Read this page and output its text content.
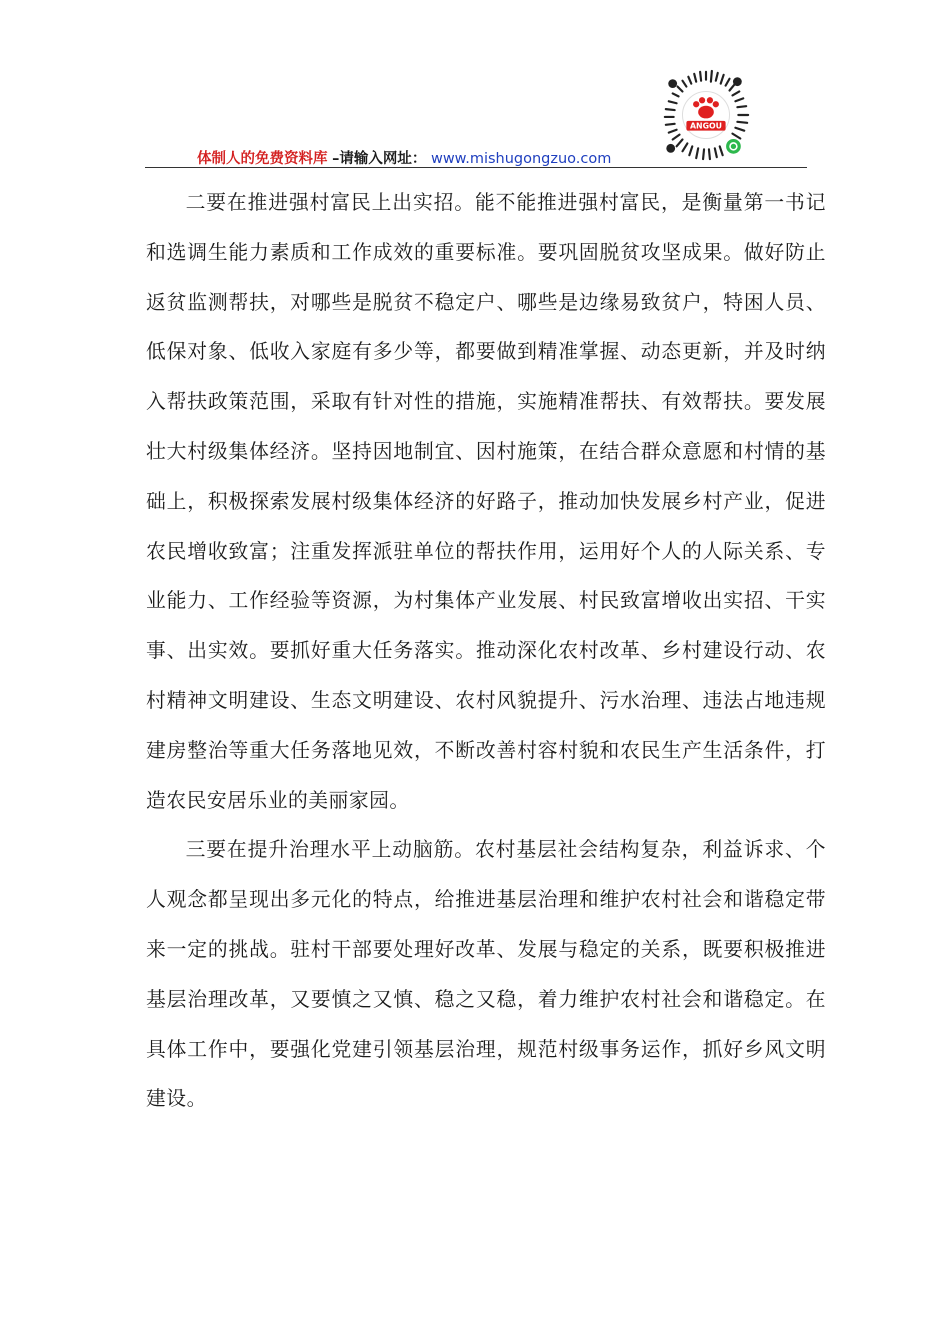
ANGOU
体制人的免费资料库 –请输入网址： www.mishugongzuo.com

二要在推进强村富民上出实招。能不能推进强村富民，是衡量第一书记和选调生能力素质和工作成效的重要标准。要巩固脱贫攻坚成果。做好防止返贫监测帮扶，对哪些是脱贫不稳定户、哪些是边缘易致贫户，特困人员、低保对象、低收入家庭有多少等，都要做到精准掌握、动态更新，并及时纳入帮扶政策范围，采取有针对性的措施，实施精准帮扶、有效帮扶。要发展壮大村级集体经济。坚持因地制宜、因村施策，在结合群众意愿和村情的基础上，积极探索发展村级集体经济的好路子，推动加快发展乡村产业，促进农民增收致富；注重发挥派驻单位的帮扶作用，运用好个人的人际关系、专业能力、工作经验等资源，为村集体产业发展、村民致富增收出实招、干实事、出实效。要抓好重大任务落实。推动深化农村改革、乡村建设行动、农村精神文明建设、生态文明建设、农村风貌提升、污水治理、违法占地违规建房整治等重大任务落地见效，不断改善村容村貌和农民生产生活条件，打造农民安居乐业的美丽家园。

三要在提升治理水平上动脑筋。农村基层社会结构复杂，利益诉求、个人观念都呈现出多元化的特点，给推进基层治理和维护农村社会和谐稳定带来一定的挑战。驻村干部要处理好改革、发展与稳定的关系，既要积极推进基层治理改革，又要慎之又慎、稳之又稳，着力维护农村社会和谐稳定。在具体工作中，要强化党建引领基层治理，规范村级事务运作，抓好乡风文明建设。
